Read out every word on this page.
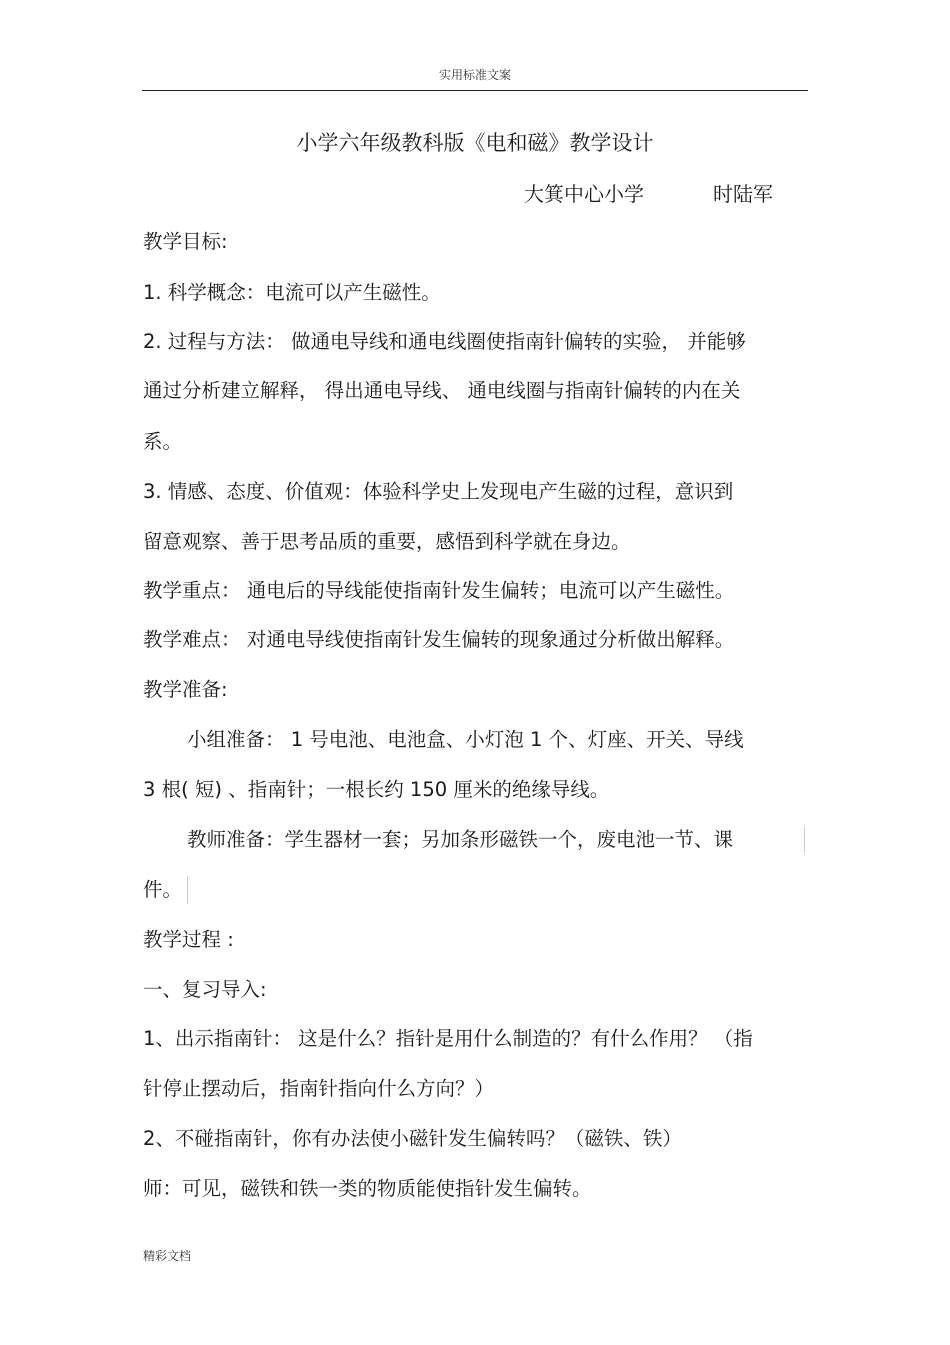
实用标准文案
小学六年级教科版《电和磁》教学设计
大箕中心小学	时陆军
教学目标:
1. 科学概念：电流可以产生磁性。
2. 过程与方法： 做通电导线和通电线圈使指南针偏转的实验， 并能够
通过分析建立解释， 得出通电导线、 通电线圈与指南针偏转的内在关
系。
3. 情感、态度、价值观：体验科学史上发现电产生磁的过程，意识到
留意观察、善于思考品质的重要，感悟到科学就在身边。
教学重点： 通电后的导线能使指南针发生偏转；电流可以产生磁性。
教学难点： 对通电导线使指南针发生偏转的现象通过分析做出解释。
教学准备:
小组准备： 1 号电池、电池盒、小灯泡 1 个、灯座、开关、导线
3 根( 短) 、指南针；一根长约 150 厘米的绝缘导线。
教师准备：学生器材一套；另加条形磁铁一个，废电池一节、课
件。
教学过程 :
一、复习导入:
1、出示指南针： 这是什么？指针是用什么制造的？有什么作用？ （指
针停止摆动后，指南针指向什么方向？）
2、不碰指南针，你有办法使小磁针发生偏转吗？（磁铁、铁）
师：可见，磁铁和铁一类的物质能使指针发生偏转。
精彩文档
